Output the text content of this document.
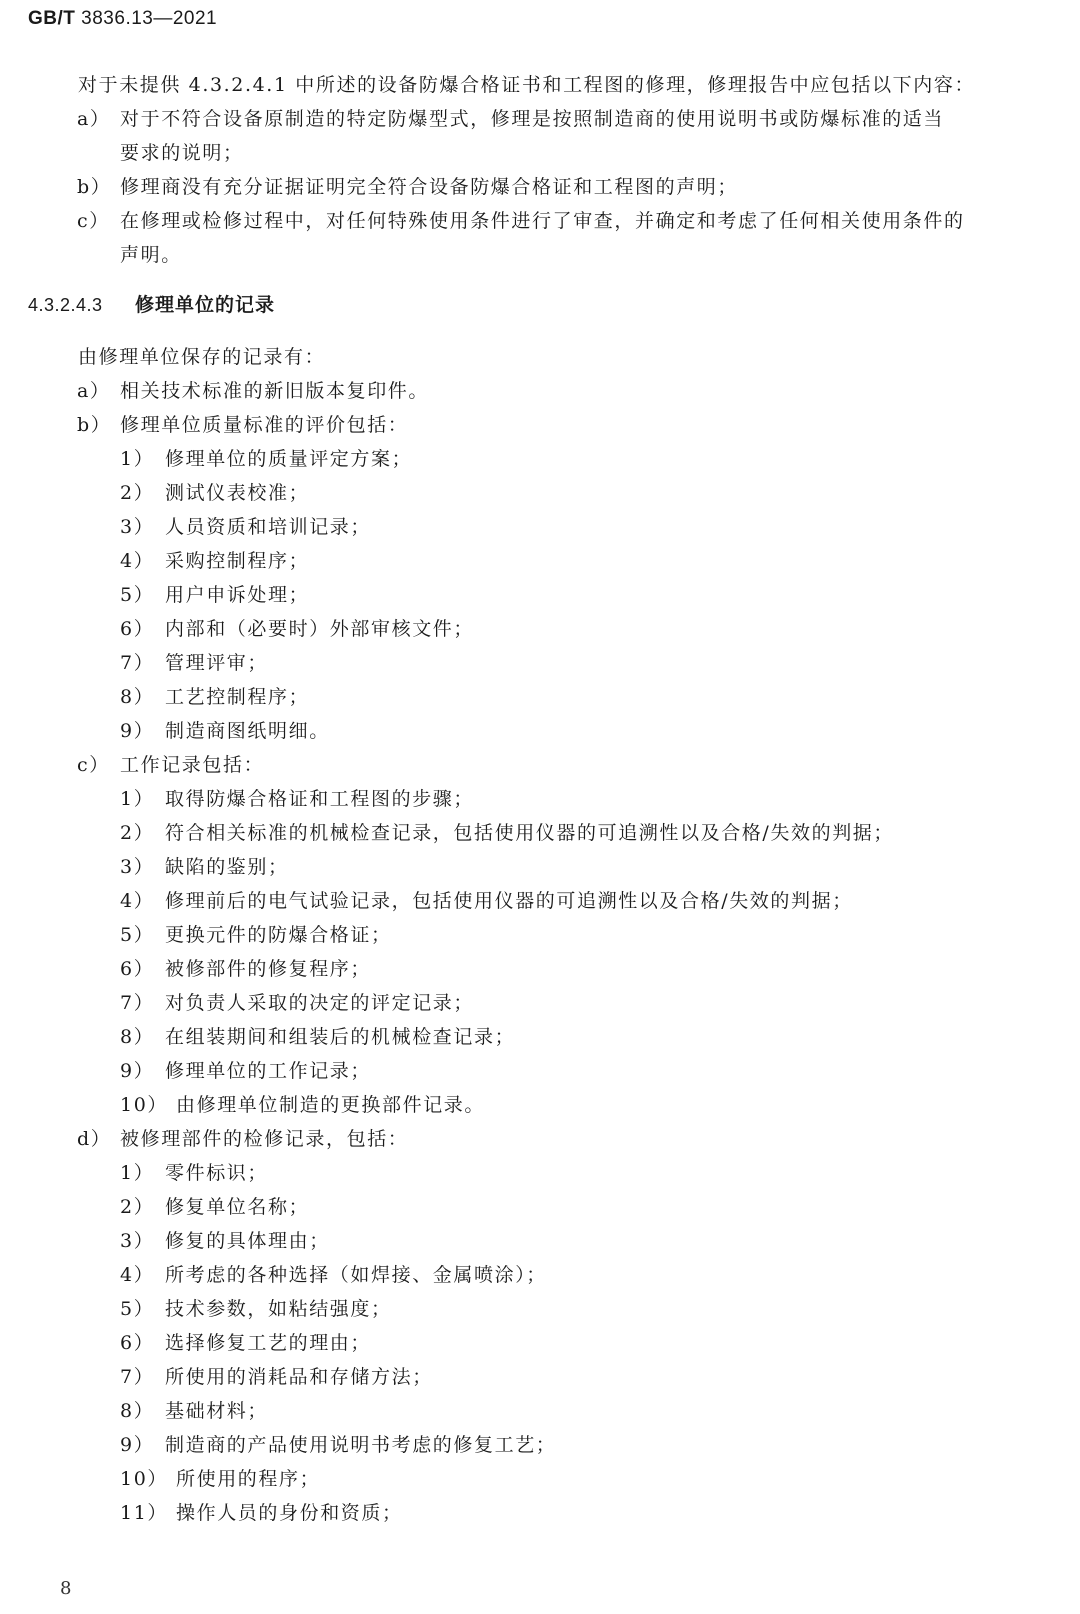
GB/T 3836.13—2021
对于未提供 4.3.2.4.1 中所述的设备防爆合格证书和工程图的修理，修理报告中应包括以下内容：
a） 对于不符合设备原制造的特定防爆型式，修理是按照制造商的使用说明书或防爆标准的适当
要求的说明；
b） 修理商没有充分证据证明完全符合设备防爆合格证和工程图的声明；
c） 在修理或检修过程中，对任何特殊使用条件进行了审查，并确定和考虑了任何相关使用条件的
声明。
4.3.2.4.3 修理单位的记录
由修理单位保存的记录有：
a） 相关技术标准的新旧版本复印件。
b） 修理单位质量标准的评价包括：
1） 修理单位的质量评定方案；
2） 测试仪表校准；
3） 人员资质和培训记录；
4） 采购控制程序；
5） 用户申诉处理；
6） 内部和（必要时）外部审核文件；
7） 管理评审；
8） 工艺控制程序；
9） 制造商图纸明细。
c） 工作记录包括：
1） 取得防爆合格证和工程图的步骤；
2） 符合相关标准的机械检查记录，包括使用仪器的可追溯性以及合格/失效的判据；
3） 缺陷的鉴别；
4） 修理前后的电气试验记录，包括使用仪器的可追溯性以及合格/失效的判据；
5） 更换元件的防爆合格证；
6） 被修部件的修复程序；
7） 对负责人采取的决定的评定记录；
8） 在组装期间和组装后的机械检查记录；
9） 修理单位的工作记录；
10） 由修理单位制造的更换部件记录。
d） 被修理部件的检修记录，包括：
1） 零件标识；
2） 修复单位名称；
3） 修复的具体理由；
4） 所考虑的各种选择（如焊接、金属喷涂）；
5） 技术参数，如粘结强度；
6） 选择修复工艺的理由；
7） 所使用的消耗品和存储方法；
8） 基础材料；
9） 制造商的产品使用说明书考虑的修复工艺；
10） 所使用的程序；
11） 操作人员的身份和资质；
8
